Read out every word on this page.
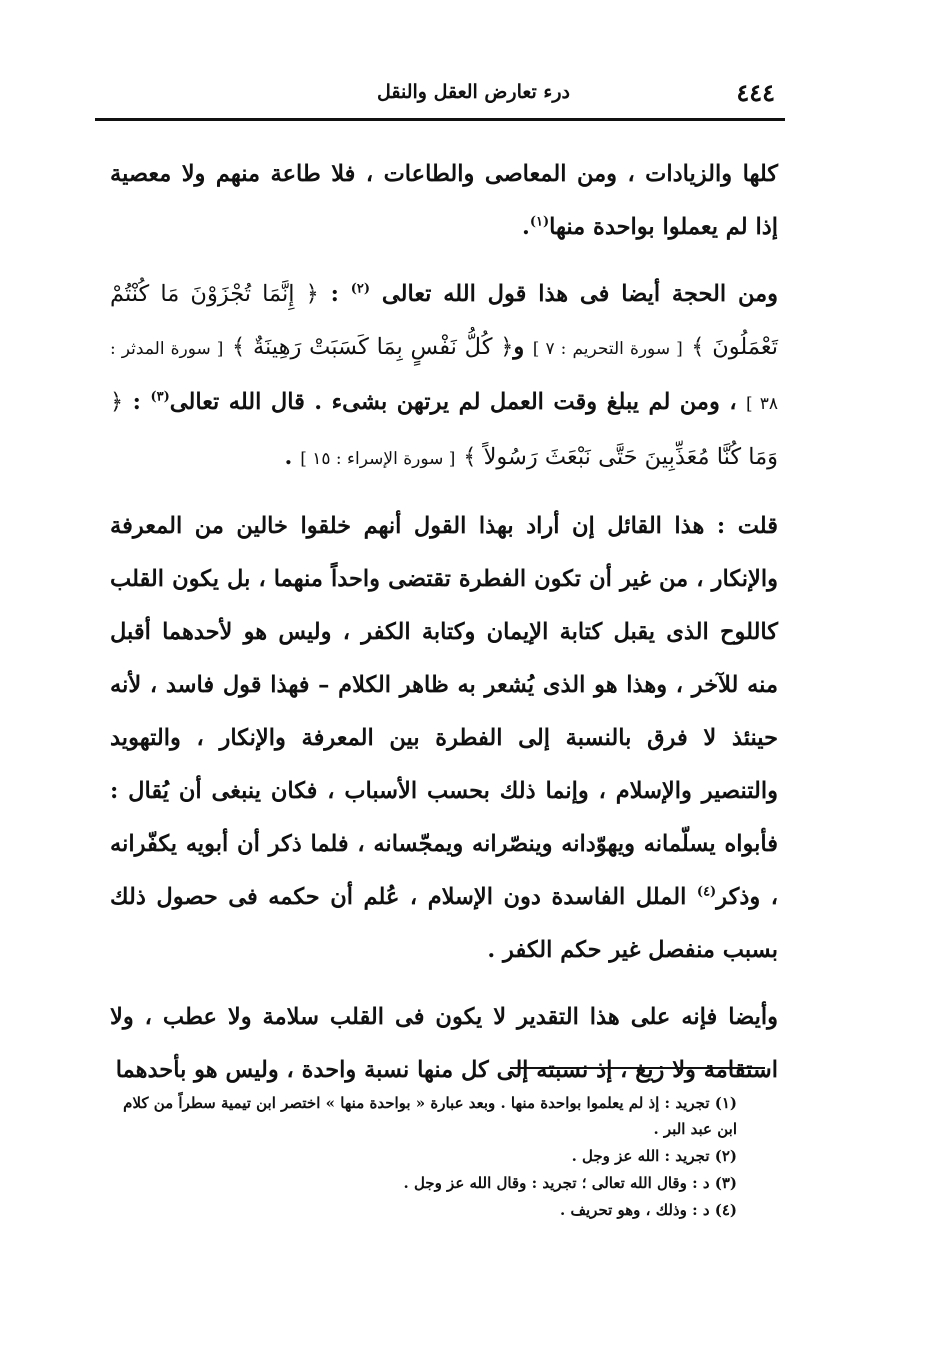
٤٤٤
درء تعارض العقل والنقل

كلها والزيادات ، ومن المعاصى والطاعات ، فلا طاعة منهم ولا معصية إذا لم يعملوا بواحدة منها$^{(١)}$.

ومن الحجة أيضا فى هذا قول الله تعالى $^{(٢)}$ : ﴿ إِنَّمَا تُجْزَوْنَ مَا كُنْتُمْ تَعْمَلُونَ ﴾ [ سورة التحريم : ٧ ] و﴿ كُلُّ نَفْسٍ بِمَا كَسَبَتْ رَهِينَةٌ ﴾ [ سورة المدثر : ٣٨ ] ، ومن لم يبلغ وقت العمل لم يرتهن بشىء . قال الله تعالى$^{(٣)}$ : ﴿ وَمَا كُنَّا مُعَذِّبِينَ حَتَّى نَبْعَثَ رَسُولاً ﴾ [ سورة الإسراء : ١٥ ] .

قلت : هذا القائل إن أراد بهذا القول أنهم خلقوا خالين من المعرفة والإنكار ، من غير أن تكون الفطرة تقتضى واحداً منهما ، بل يكون القلب كاللوح الذى يقبل كتابة الإيمان وكتابة الكفر ، وليس هو لأحدهما أقبل منه للآخر ، وهذا هو الذى يُشعر به ظاهر الكلام – فهذا قول فاسد ، لأنه حينئذ لا فرق بالنسبة إلى الفطرة بين المعرفة والإنكار ، والتهويد والتنصير والإسلام ، وإنما ذلك بحسب الأسباب ، فكان ينبغى أن يُقال : فأبواه يسلّمانه ويهوّدانه وينصّرانه ويمجّسانه ، فلما ذكر أن أبويه يكفّرانه ، وذكر$^{(٤)}$ الملل الفاسدة دون الإسلام ، عُلم أن حكمه فى حصول ذلك بسبب منفصل غير حكم الكفر .

وأيضا فإنه على هذا التقدير لا يكون فى القلب سلامة ولا عطب ، ولا استقامة ولا زيغ ، إذ نسبته إلى كل منها نسبة واحدة ، وليس هو بأحدهما

(١) تجريد : إذ لم يعلموا بواحدة منها . وبعد عبارة « بواحدة منها » اختصر ابن تيمية سطراً من كلام ابن عبد البر .

(٢) تجريد : الله عز وجل .

(٣) د : وقال الله تعالى ؛ تجريد : وقال الله عز وجل .

(٤) د : وذلك ، وهو تحريف .
